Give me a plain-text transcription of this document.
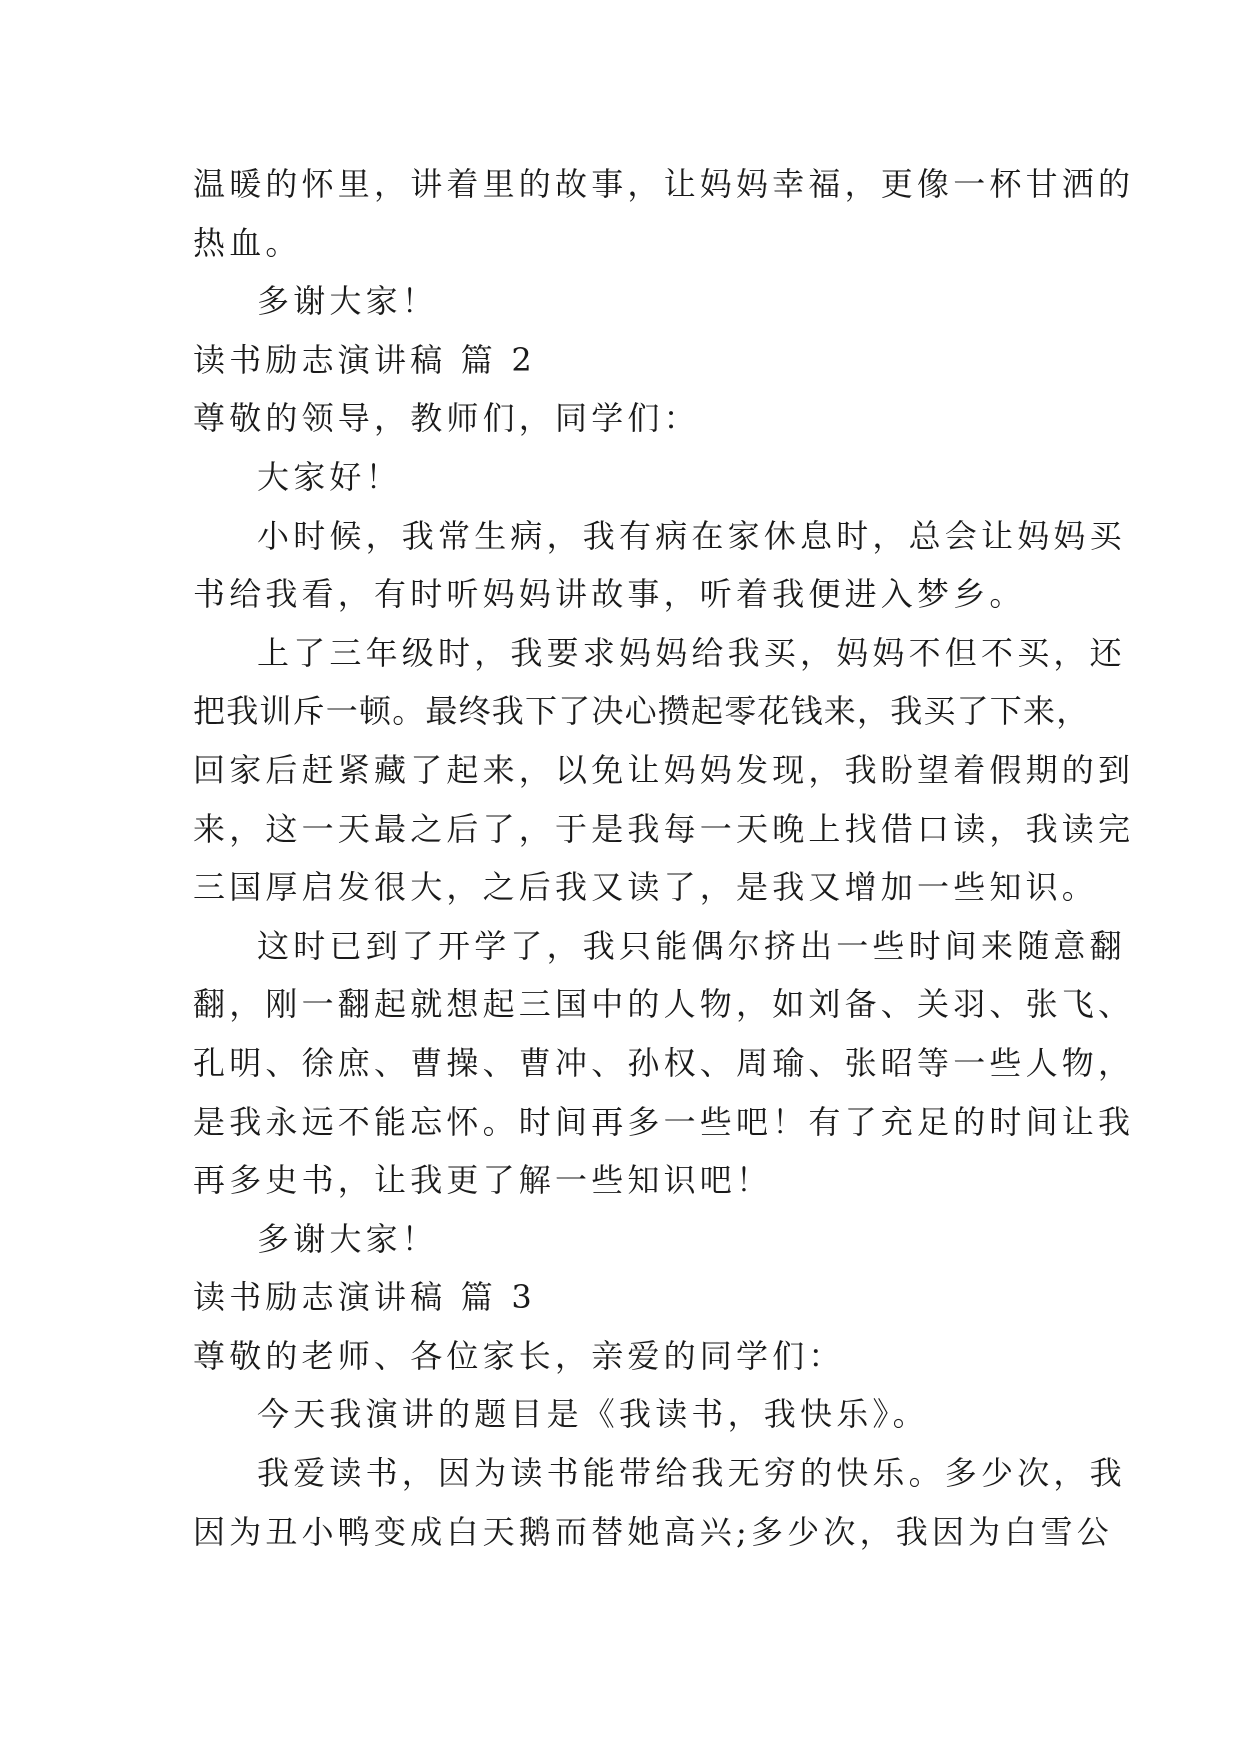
温暖的怀里，讲着里的故事，让妈妈幸福，更像一杯甘洒的
热血。
多谢大家！
读书励志演讲稿 篇 2
尊敬的领导，教师们，同学们：
大家好！
小时候，我常生病，我有病在家休息时，总会让妈妈买
书给我看，有时听妈妈讲故事，听着我便进入梦乡。
上了三年级时，我要求妈妈给我买，妈妈不但不买，还
把我训斥一顿。最终我下了决心攒起零花钱来，我买了下来，
回家后赶紧藏了起来，以免让妈妈发现，我盼望着假期的到
来，这一天最之后了，于是我每一天晚上找借口读，我读完
三国厚启发很大，之后我又读了，是我又增加一些知识。
这时已到了开学了，我只能偶尔挤出一些时间来随意翻
翻，刚一翻起就想起三国中的人物，如刘备、关羽、张飞、
孔明、徐庶、曹操、曹冲、孙权、周瑜、张昭等一些人物，
是我永远不能忘怀。时间再多一些吧！有了充足的时间让我
再多史书，让我更了解一些知识吧！
多谢大家！
读书励志演讲稿 篇 3
尊敬的老师、各位家长，亲爱的同学们：
今天我演讲的题目是《我读书，我快乐》。
我爱读书，因为读书能带给我无穷的快乐。多少次，我
因为丑小鸭变成白天鹅而替她高兴;多少次，我因为白雪公
